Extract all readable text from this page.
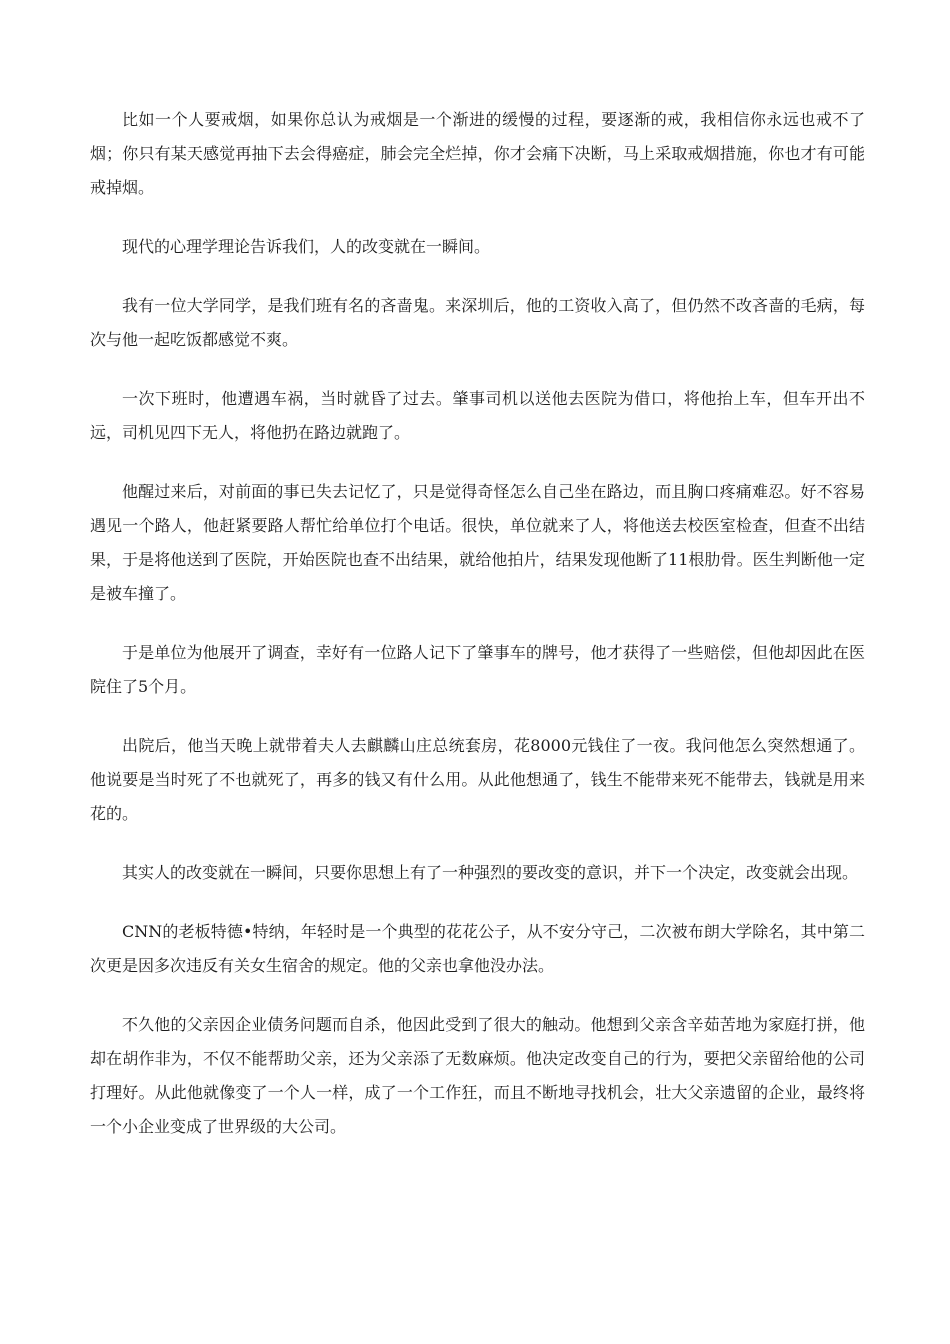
比如一个人要戒烟，如果你总认为戒烟是一个渐进的缓慢的过程，要逐渐的戒，我相信你永远也戒不了烟；你只有某天感觉再抽下去会得癌症，肺会完全烂掉，你才会痛下决断，马上采取戒烟措施，你也才有可能戒掉烟。

现代的心理学理论告诉我们，人的改变就在一瞬间。

我有一位大学同学，是我们班有名的吝啬鬼。来深圳后，他的工资收入高了，但仍然不改吝啬的毛病，每次与他一起吃饭都感觉不爽。

一次下班时，他遭遇车祸，当时就昏了过去。肇事司机以送他去医院为借口，将他抬上车，但车开出不远，司机见四下无人，将他扔在路边就跑了。

他醒过来后，对前面的事已失去记忆了，只是觉得奇怪怎么自己坐在路边，而且胸口疼痛难忍。好不容易遇见一个路人，他赶紧要路人帮忙给单位打个电话。很快，单位就来了人，将他送去校医室检查，但查不出结果，于是将他送到了医院，开始医院也查不出结果，就给他拍片，结果发现他断了11根肋骨。医生判断他一定是被车撞了。

于是单位为他展开了调查，幸好有一位路人记下了肇事车的牌号，他才获得了一些赔偿，但他却因此在医院住了5个月。

出院后，他当天晚上就带着夫人去麒麟山庄总统套房，花8000元钱住了一夜。我问他怎么突然想通了。他说要是当时死了不也就死了，再多的钱又有什么用。从此他想通了，钱生不能带来死不能带去，钱就是用来花的。

其实人的改变就在一瞬间，只要你思想上有了一种强烈的要改变的意识，并下一个决定，改变就会出现。

CNN的老板特德•特纳，年轻时是一个典型的花花公子，从不安分守己，二次被布朗大学除名，其中第二次更是因多次违反有关女生宿舍的规定。他的父亲也拿他没办法。

不久他的父亲因企业债务问题而自杀，他因此受到了很大的触动。他想到父亲含辛茹苦地为家庭打拼，他却在胡作非为，不仅不能帮助父亲，还为父亲添了无数麻烦。他决定改变自己的行为，要把父亲留给他的公司打理好。从此他就像变了一个人一样，成了一个工作狂，而且不断地寻找机会，壮大父亲遗留的企业，最终将一个小企业变成了世界级的大公司。
